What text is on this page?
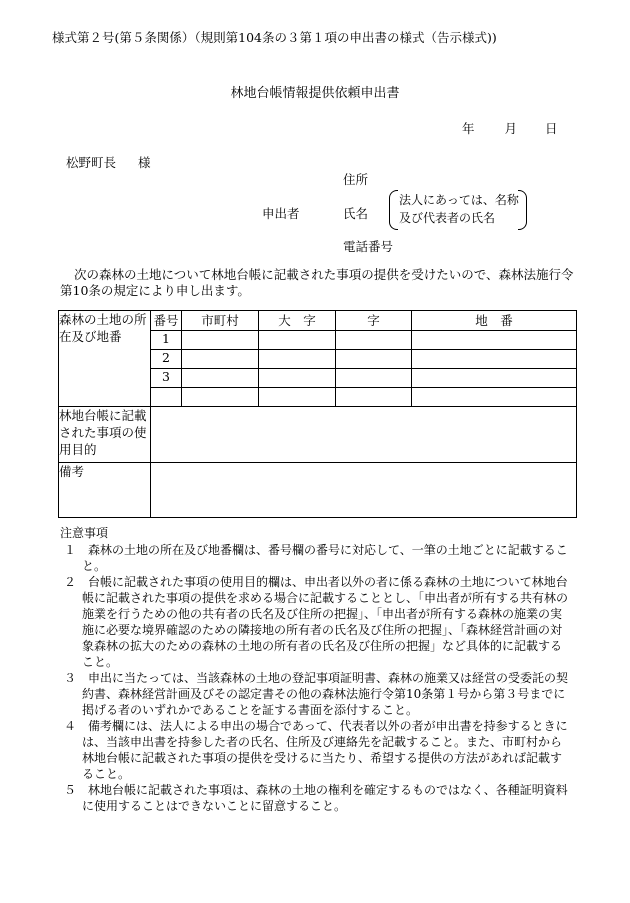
様式第２号(第５条関係）（規則第104条の３第１項の申出書の様式（告示様式))
林地台帳情報提供依頼申出書
年 月 日
松野町長 様
住所
申出者	氏名
法人にあっては、名称及び代表者の氏名
電話番号
次の森林の土地について林地台帳に記載された事項の提供を受けたいので、森林法施行令第10条の規定により申し出ます。
森林の土地の所在及び地番	番号	市町村	大　字	字	地　番
	1				
	2				
	3				

林地台帳に記載された事項の使用目的					
備考					
注意事項
１　森林の土地の所在及び地番欄は、番号欄の番号に対応して、一筆の土地ごとに記載すること。
２　台帳に記載された事項の使用目的欄は、申出者以外の者に係る森林の土地について林地台帳に記載された事項の提供を求める場合に記載することとし、「申出者が所有する共有林の施業を行うための他の共有者の氏名及び住所の把握」、「申出者が所有する森林の施業の実施に必要な境界確認のための隣接地の所有者の氏名及び住所の把握」、「森林経営計画の対象森林の拡大のための森林の土地の所有者の氏名及び住所の把握」など具体的に記載すること。
３　申出に当たっては、当該森林の土地の登記事項証明書、森林の施業又は経営の受委託の契約書、森林経営計画及びその認定書その他の森林法施行令第10条第１号から第３号までに掲げる者のいずれかであることを証する書面を添付すること。
４　備考欄には、法人による申出の場合であって、代表者以外の者が申出書を持参するときには、当該申出書を持参した者の氏名、住所及び連絡先を記載すること。また、市町村から林地台帳に記載された事項の提供を受けるに当たり、希望する提供の方法があれば記載すること。
５　林地台帳に記載された事項は、森林の土地の権利を確定するものではなく、各種証明資料に使用することはできないことに留意すること。
